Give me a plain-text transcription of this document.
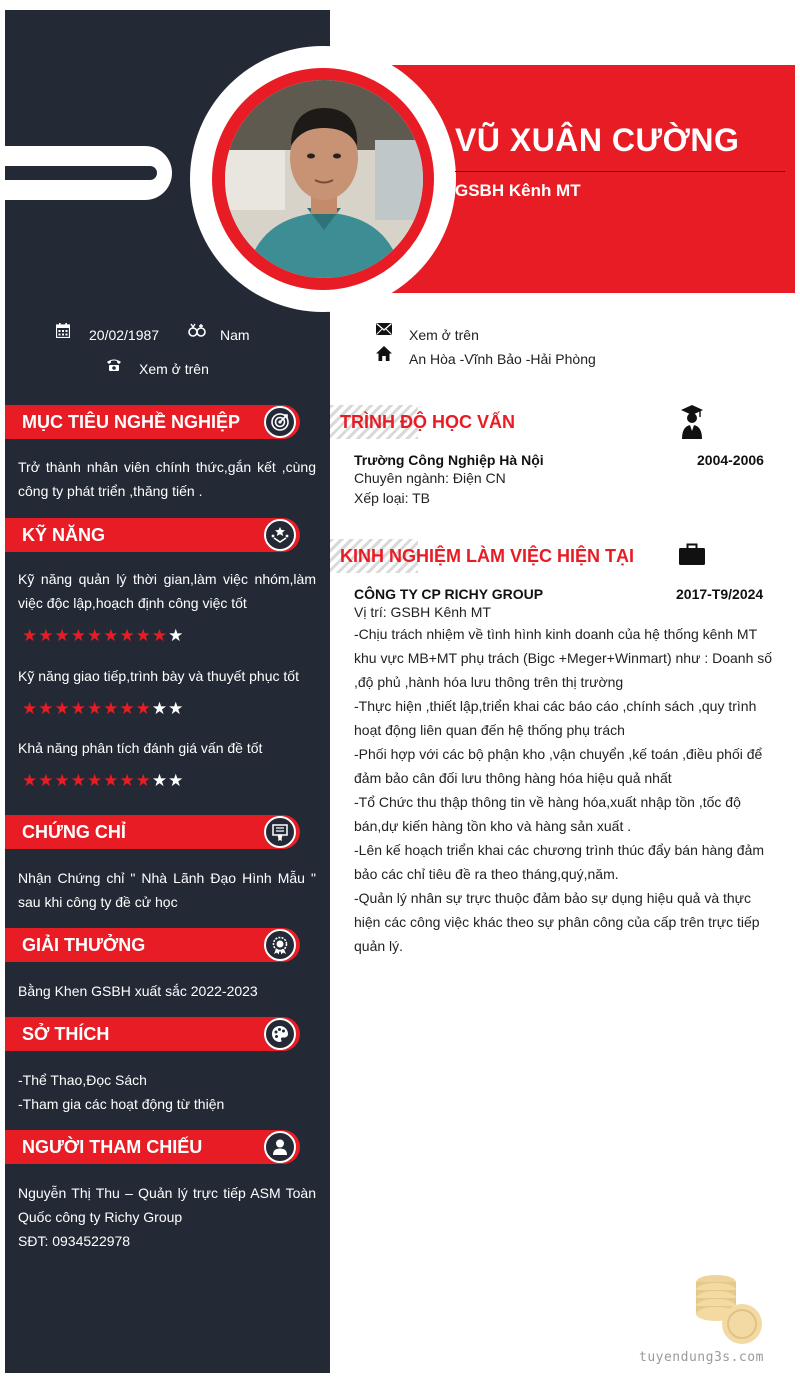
VŨ XUÂN CƯỜNG
GSBH Kênh MT
20/02/1987	Nam
Xem ở trên
Xem ở trên
An Hòa -Vĩnh Bảo -Hải Phòng
MỤC TIÊU NGHỀ NGHIỆP
Trở thành nhân viên chính thức,gắn kết ,cùng công ty phát triển ,thăng tiến .
KỸ NĂNG
Kỹ năng quản lý thời gian,làm việc nhóm,làm việc độc lập,hoạch định công việc tốt
★★★★★★★★★★
Kỹ năng giao tiếp,trình bày và thuyết phục tốt
★★★★★★★★★★
Khả năng phân tích đánh giá vấn đề tốt
★★★★★★★★★★
CHỨNG CHỈ
Nhận Chứng chỉ " Nhà Lãnh Đạo Hình Mẫu " sau khi công ty đề cử học
GIẢI THƯỞNG
Bằng Khen GSBH xuất sắc 2022-2023
SỞ THÍCH
-Thể Thao,Đọc Sách
-Tham gia các hoạt động từ thiện
NGƯỜI THAM CHIẾU
Nguyễn Thị Thu – Quản lý trực tiếp ASM Toàn Quốc công ty Richy Group
SĐT: 0934522978
TRÌNH ĐỘ HỌC VẤN
Trường Công Nghiệp Hà Nội	2004-2006
Chuyên ngành: Điện CN
Xếp loại: TB
KINH NGHIỆM LÀM VIỆC HIỆN TẠI
CÔNG TY CP RICHY GROUP	2017-T9/2024
Vị trí: GSBH Kênh MT

-Chịu trách nhiệm về tình hình kinh doanh của hệ thống kênh MT khu vực MB+MT phụ trách (Bigc +Meger+Winmart) như : Doanh số ,độ phủ ,hành hóa lưu thông trên thị trường

-Thực hiện ,thiết lập,triển khai các báo cáo ,chính sách ,quy trình hoạt động liên quan đến hệ thống phụ trách

-Phối hợp với các bộ phận kho ,vận chuyển ,kế toán ,điều phối để đảm bảo cân đối lưu thông hàng hóa hiệu quả nhất

-Tổ Chức thu thập thông tin về hàng hóa,xuất nhập tồn ,tốc độ bán,dự kiến hàng tồn kho và hàng sản xuất .

-Lên kế hoạch triển khai các chương trình thúc đẩy bán hàng đảm bảo các chỉ tiêu đề ra theo tháng,quý,năm.

-Quản lý nhân sự trực thuộc đảm bảo sự dụng hiệu quả và thực hiện các công việc khác theo sự phân công của cấp trên trực tiếp quản lý.

tuyendung3s.com
